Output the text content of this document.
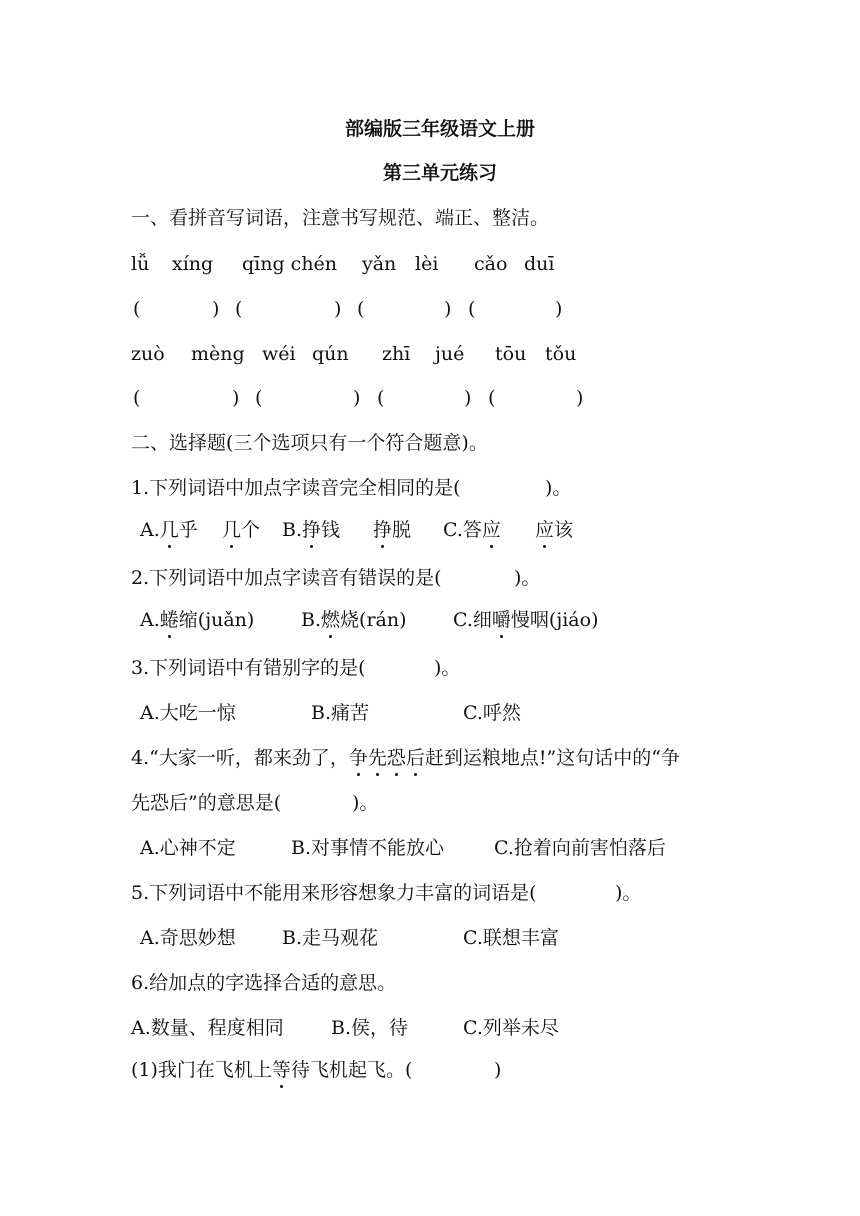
部编版三年级语文上册
第三单元练习
一、看拼音写词语，注意书写规范、端正、整洁。
lǚ xíng qīng chén yǎn lèi cǎo duī
(	) (	) (	) (	)
zuò mèng wéi qún zhī jué tōu tǒu
(	) (	) (	) (	)
二、选择题(三个选项只有一个符合题意)。
1.下列词语中加点字读音完全相同的是(	)。
A.几乎 几个 B.挣钱 挣脱 C.答应 应该
2.下列词语中加点字读音有错误的是(	)。
A.蜷缩(juǎn) B.燃烧(rán) C.细嚼慢咽(jiáo)
3.下列词语中有错别字的是(	)。
A.大吃一惊	B.痛苦	C.呼然
4.“大家一听，都来劲了，争先恐后赶到运粮地点!”这句话中的“争
先恐后”的意思是(	)。
A.心神不定	B.对事情不能放心	C.抢着向前害怕落后
5.下列词语中不能用来形容想象力丰富的词语是(	)。
A.奇思妙想 B.走马观花	C.联想丰富
6.给加点的字选择合适的意思。
A.数量、程度相同 B.侯，待	C.列举未尽
(1)我门在飞机上等待飞机起飞。(	)
